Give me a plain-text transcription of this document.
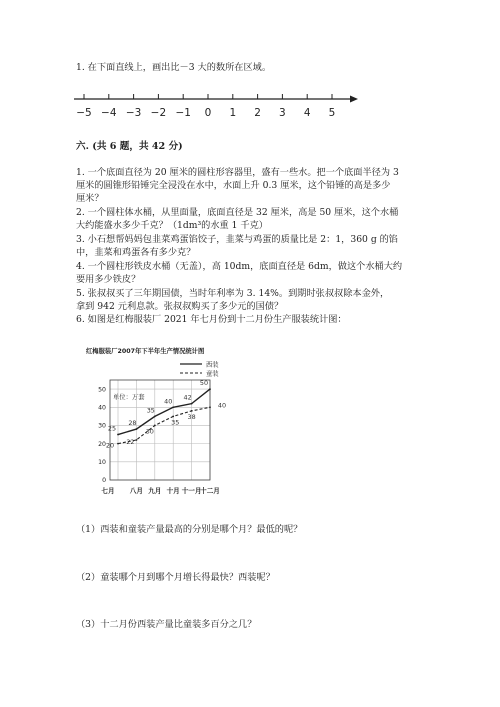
1. 在下面直线上，画出比－3 大的数所在区域。
−5 −4 −3 −2 −1 0 1 2 3 4 5
六. (共 6 题，共 42 分)
1. 一个底面直径为 20 厘米的圆柱形容器里，盛有一些水。把一个底面半径为 3
厘米的圆锥形铅锤完全浸没在水中，水面上升 0.3 厘米，这个铅锤的高是多少
厘米？
2. 一个圆柱体水桶，从里面量，底面直径是 32 厘米，高是 50 厘米，这个水桶
大约能盛水多少千克？（1dm³的水重 1 千克）
3. 小石想帮妈妈包韭菜鸡蛋馅饺子，韭菜与鸡蛋的质量比是 2：1，360 g 的馅
中，韭菜和鸡蛋各有多少克？
4. 一个圆柱形铁皮水桶（无盖），高 10dm，底面直径是 6dm，做这个水桶大约
要用多少铁皮？
5. 张叔叔买了三年期国债，当时年利率为 3. 14%。到期时张叔叔除本金外，
拿到 942 元利息款。张叔叔购买了多少元的国债？
6. 如图是红梅服装厂 2021 年七月份到十二月份生产服装统计图：
红梅服装厂2007年下半年生产情况统计图
单位：万套
西装
童装
0
10
20
30
40
50
七月 八月 九月 十月 十一月
十二月
25
28
35
40 42
50
20 22
30
35
38
40
（1）西装和童装产量最高的分别是哪个月？最低的呢？
（2）童装哪个月到哪个月增长得最快？西装呢？
（3）十二月份西装产量比童装多百分之几？
